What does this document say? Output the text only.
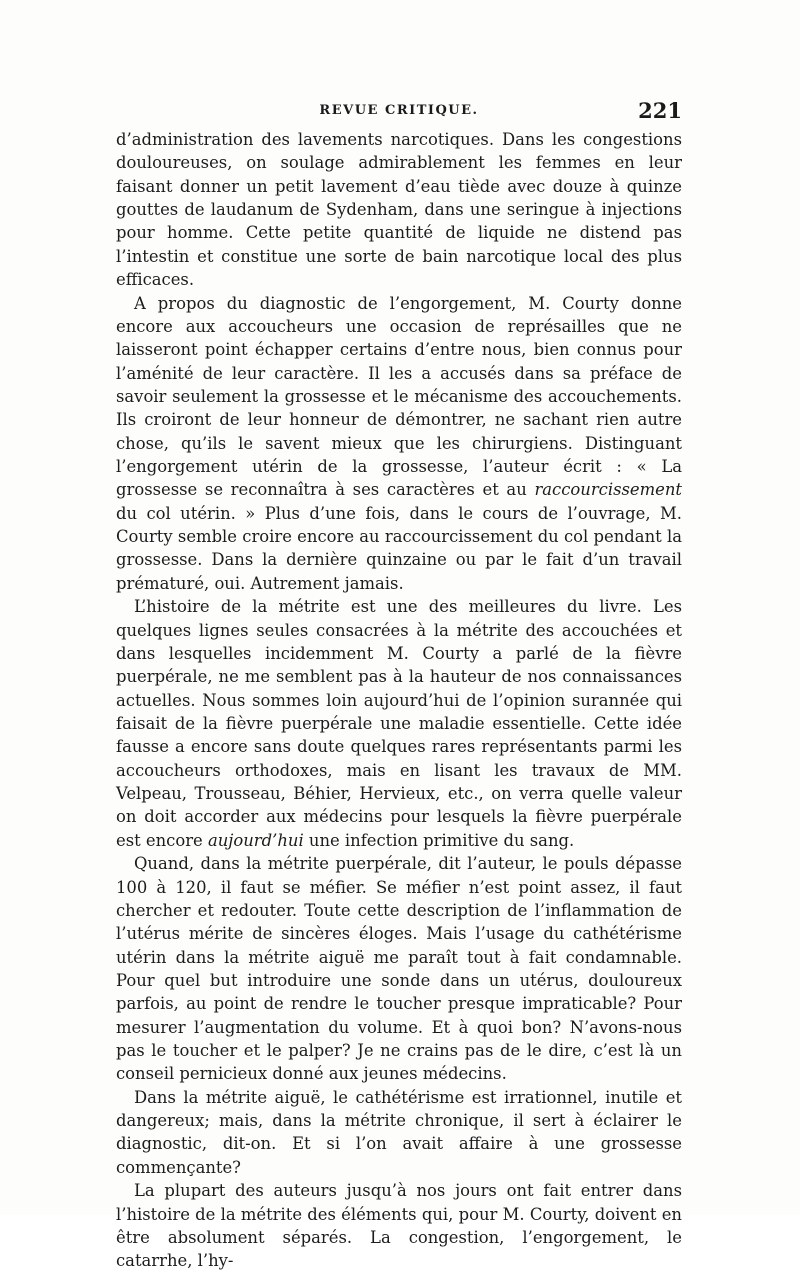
REVUE CRITIQUE.	221

d’administration des lavements narcotiques. Dans les congestions douloureuses, on soulage admirablement les femmes en leur faisant donner un petit lavement d’eau tiède avec douze à quinze gouttes de laudanum de Sydenham, dans une seringue à injections pour homme. Cette petite quantité de liquide ne distend pas l’intestin et constitue une sorte de bain narcotique local des plus efficaces.

A propos du diagnostic de l’engorgement, M. Courty donne encore aux accoucheurs une occasion de représailles que ne laisseront point échapper certains d’entre nous, bien connus pour l’aménité de leur caractère. Il les a accusés dans sa préface de savoir seulement la grossesse et le mécanisme des accouchements. Ils croiront de leur honneur de démontrer, ne sachant rien autre chose, qu’ils le savent mieux que les chirurgiens. Distinguant l’engorgement utérin de la grossesse, l’auteur écrit : « La grossesse se reconnaîtra à ses caractères et au raccourcissement du col utérin. » Plus d’une fois, dans le cours de l’ouvrage, M. Courty semble croire encore au raccourcissement du col pendant la grossesse. Dans la dernière quinzaine ou par le fait d’un travail prématuré, oui. Autrement jamais.

L’histoire de la métrite est une des meilleures du livre. Les quelques lignes seules consacrées à la métrite des accouchées et dans lesquelles incidemment M. Courty a parlé de la fièvre puerpérale, ne me semblent pas à la hauteur de nos connaissances actuelles. Nous sommes loin aujourd’hui de l’opinion surannée qui faisait de la fièvre puerpérale une maladie essentielle. Cette idée fausse a encore sans doute quelques rares représentants parmi les accoucheurs orthodoxes, mais en lisant les travaux de MM. Velpeau, Trousseau, Béhier, Hervieux, etc., on verra quelle valeur on doit accorder aux médecins pour lesquels la fièvre puerpérale est encore aujourd’hui une infection primitive du sang.

Quand, dans la métrite puerpérale, dit l’auteur, le pouls dépasse 100 à 120, il faut se méfier. Se méfier n’est point assez, il faut chercher et redouter. Toute cette description de l’inflammation de l’utérus mérite de sincères éloges. Mais l’usage du cathétérisme utérin dans la métrite aiguë me paraît tout à fait condamnable. Pour quel but introduire une sonde dans un utérus, douloureux parfois, au point de rendre le toucher presque impraticable? Pour mesurer l’augmentation du volume. Et à quoi bon? N’avons-nous pas le toucher et le palper? Je ne crains pas de le dire, c’est là un conseil pernicieux donné aux jeunes médecins.

Dans la métrite aiguë, le cathétérisme est irrationnel, inutile et dangereux; mais, dans la métrite chronique, il sert à éclairer le diagnostic, dit-on. Et si l’on avait affaire à une grossesse commençante?

La plupart des auteurs jusqu’à nos jours ont fait entrer dans l’histoire de la métrite des éléments qui, pour M. Courty, doivent en être absolument séparés. La congestion, l’engorgement, le catarrhe, l’hy-
